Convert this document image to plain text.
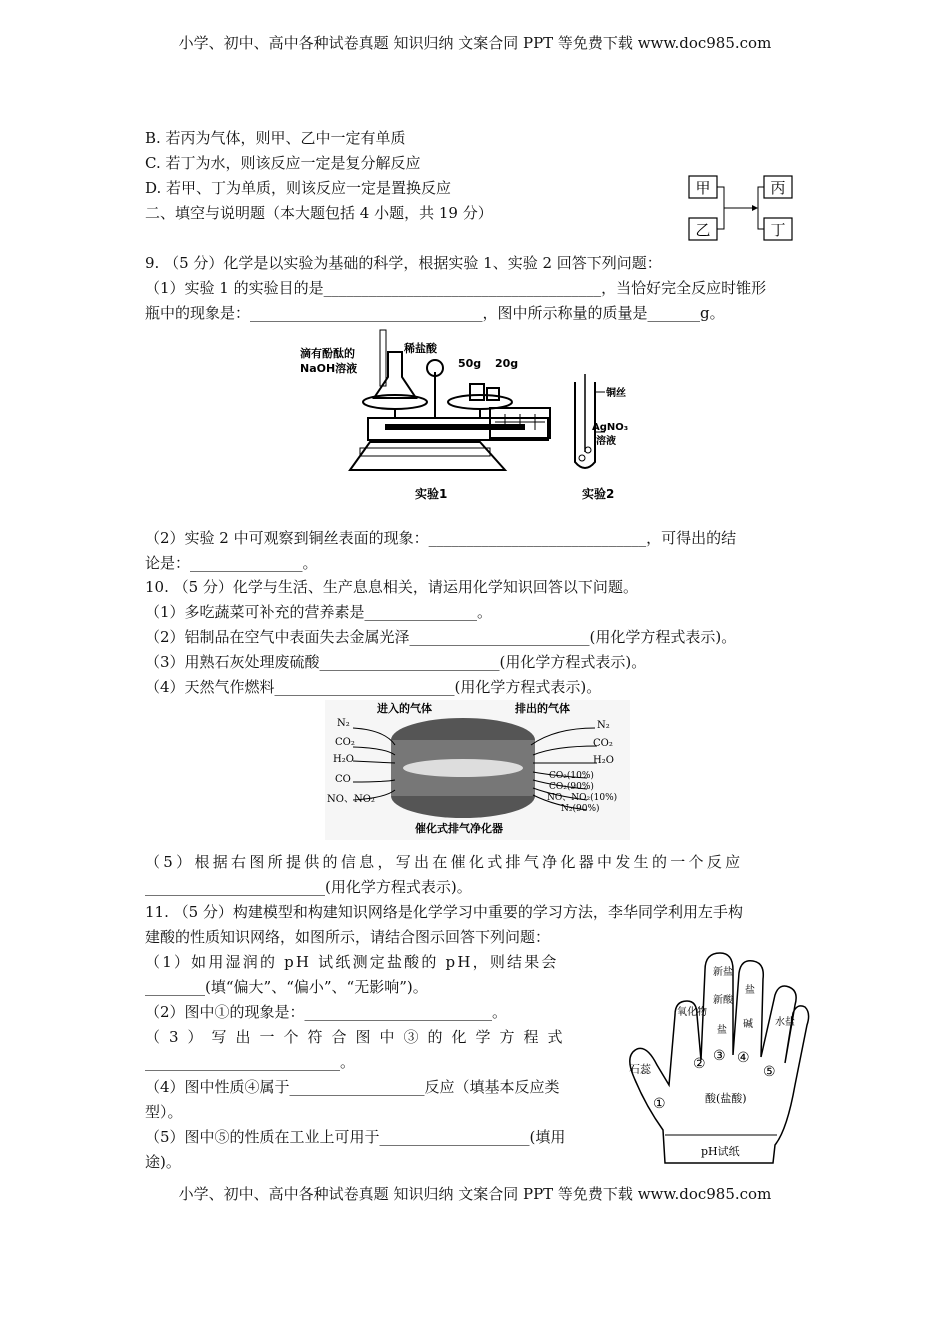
小学、初中、高中各种试卷真题 知识归纳 文案合同 PPT 等免费下载 www.doc985.com
B. 若丙为气体，则甲、乙中一定有单质
C. 若丁为水，则该反应一定是复分解反应
D. 若甲、丁为单质，则该反应一定是置换反应
二、填空与说明题（本大题包括 4 小题，共 19 分）
甲
乙
丙
丁
9. （5 分）化学是以实验为基础的科学，根据实验 1、实验 2 回答下列问题：
（1）实验 1 的实验目的是_____________________________________，当恰好完全反应时锥形
瓶中的现象是：_______________________________，图中所示称量的质量是_______g。
滴有酚酞的
NaOH溶液
稀盐酸
50g 20g
铜丝
AgNO₃
溶液
实验1	实验2
（2）实验 2 中可观察到铜丝表面的现象：_____________________________，可得出的结
论是：_______________。
10. （5 分）化学与生活、生产息息相关，请运用化学知识回答以下问题。
（1）多吃蔬菜可补充的营养素是_______________。
（2）铝制品在空气中表面失去金属光泽________________________(用化学方程式表示)。
（3）用熟石灰处理废硫酸________________________(用化学方程式表示)。
（4）天然气作燃料________________________(用化学方程式表示)。
进入的气体	排出的气体
N₂
CO₂
H₂O
CO
NO、NO₂
N₂
CO₂
H₂O
CO₂(10%)
CO₂(90%)
NO、NO₂(10%)
N₂(90%)
催化式排气净化器
（5）根据右图所提供的信息，写出在催化式排气净化器中发生的一个反应
________________________(用化学方程式表示)。
11. （5 分）构建模型和构建知识网络是化学学习中重要的学习方法，李华同学利用左手构
建酸的性质知识网络，如图所示，请结合图示回答下列问题：
（1）如用湿润的 pH 试纸测定盐酸的 pH，则结果会
________(填“偏大”、“偏小”、“无影响”)。
（2）图中①的现象是：_________________________。
（3）写出一个符合图中③的化学方程式
__________________________。
（4）图中性质④属于__________________反应（填基本反应类
型）。
（5）图中⑤的性质在工业上可用于____________________(填用
途)。
石蕊
氧化物
新盐
新酸
盐
盐
碱 水盐
酸(盐酸)
pH试纸
①
② ③ ④
⑤
小学、初中、高中各种试卷真题 知识归纳 文案合同 PPT 等免费下载 www.doc985.com
